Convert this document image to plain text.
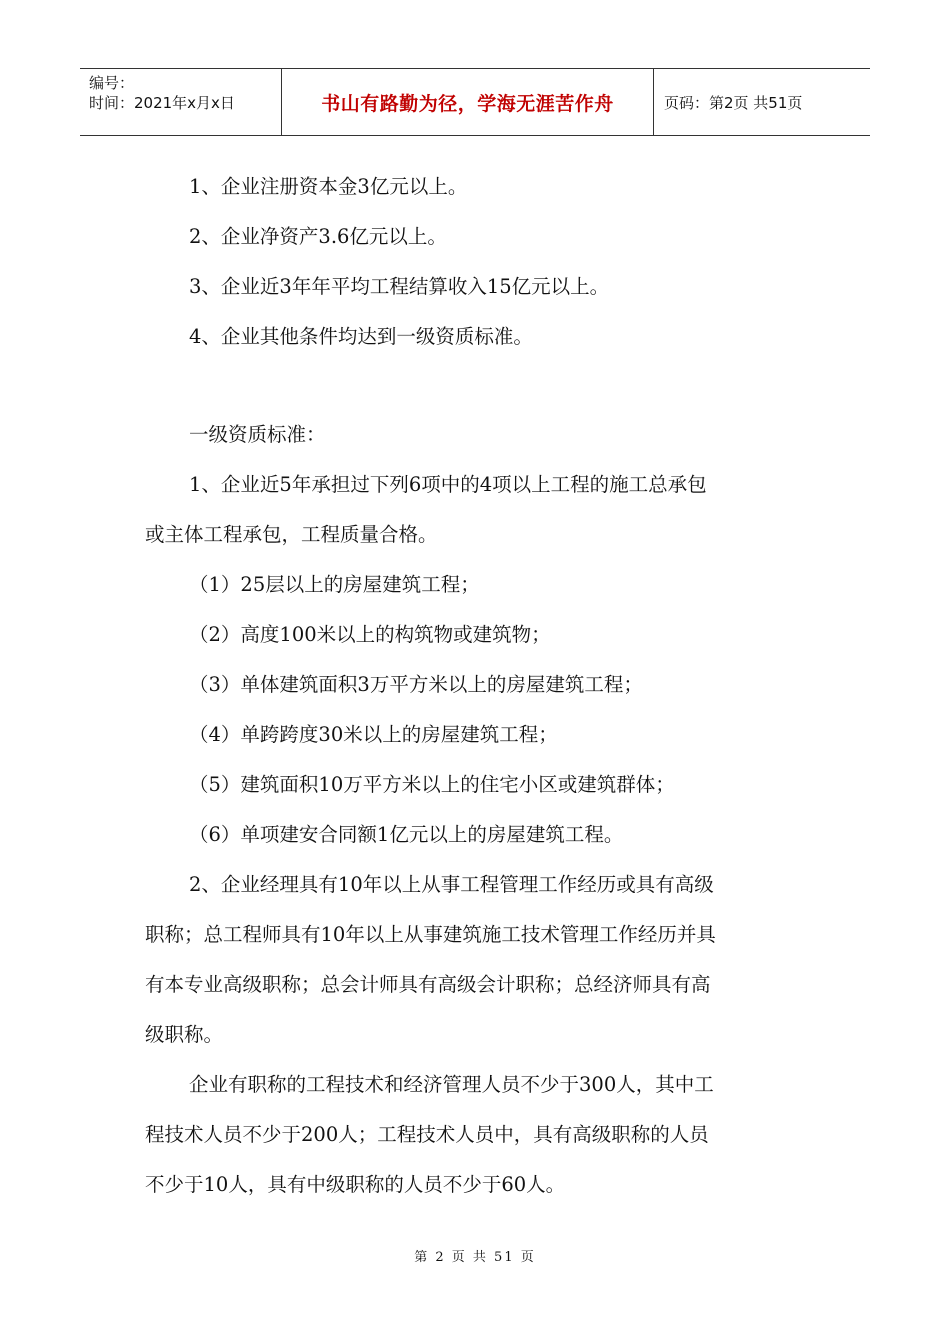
编号：
时间：2021年x月x日	书山有路勤为径，学海无涯苦作舟	页码：第2页 共51页

1、企业注册资本金3亿元以上。

2、企业净资产3.6亿元以上。

3、企业近3年年平均工程结算收入15亿元以上。

4、企业其他条件均达到一级资质标准。

一级资质标准：

1、企业近5年承担过下列6项中的4项以上工程的施工总承包

或主体工程承包，工程质量合格。

（1）25层以上的房屋建筑工程；

（2）高度100米以上的构筑物或建筑物；

（3）单体建筑面积3万平方米以上的房屋建筑工程；

（4）单跨跨度30米以上的房屋建筑工程；

（5）建筑面积10万平方米以上的住宅小区或建筑群体；

（6）单项建安合同额1亿元以上的房屋建筑工程。

2、企业经理具有10年以上从事工程管理工作经历或具有高级

职称；总工程师具有10年以上从事建筑施工技术管理工作经历并具

有本专业高级职称；总会计师具有高级会计职称；总经济师具有高

级职称。

企业有职称的工程技术和经济管理人员不少于300人，其中工

程技术人员不少于200人；工程技术人员中，具有高级职称的人员

不少于10人，具有中级职称的人员不少于60人。

第 2 页 共 51 页
